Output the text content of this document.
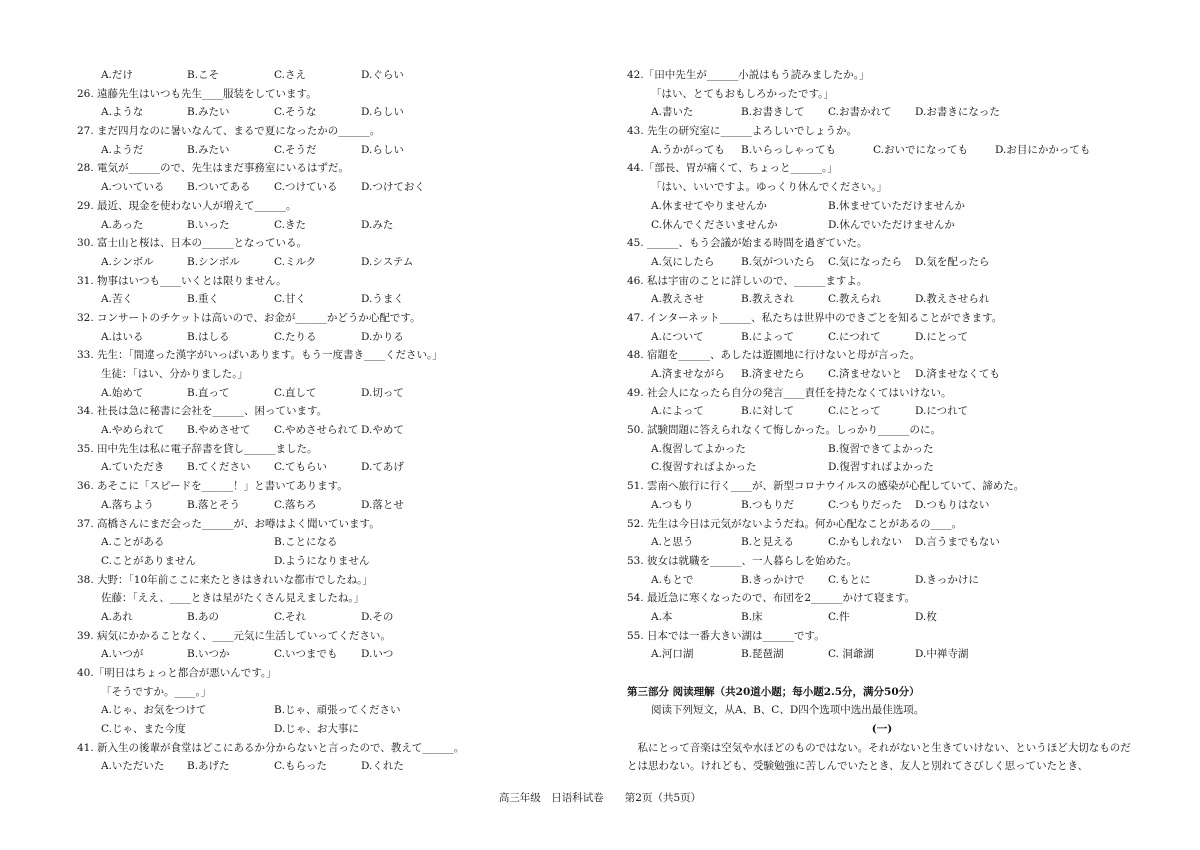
A.だけ	B.こそ	C.さえ	D.ぐらい
26. 遠藤先生はいつも先生____服装をしています。
A.ような	B.みたい	C.そうな	D.らしい
27. まだ四月なのに暑いなんて、まるで夏になったかの______。
A.ようだ	B.みたい	C.そうだ	D.らしい
28. 電気が______ので、先生はまだ事務室にいるはずだ。
A.ついている B.ついてある C.つけている D.つけておく
29. 最近、現金を使わない人が増えて______。
A.あった	B.いった	C.きた	D.みた
30. 富士山と桜は、日本の______となっている。
A.シンボル	B.シンボル	C.ミルク	D.システム
31. 物事はいつも____いくとは限りません。
A.苦く	B.重く	C.甘く	D.うまく
32. コンサートのチケットは高いので、お金が______かどうか心配です。
A.はいる	B.はしる	C.たりる	D.かりる
33. 先生：「間違った漢字がいっぱいあります。もう一度書き____ください。」
生徒：「はい、分かりました。」
A.始めて	B.直って	C.直して	D.切って
34. 社長は急に秘書に会社を______、困っています。
A.やめられて B.やめさせて C.やめさせられて D.やめて
35. 田中先生は私に電子辞書を貸し______ました。
A.ていただき B.てください C.てもらい	D.てあげ
36. あそこに「スピードを______！」と書いてあります。
A.落ちよう	B.落とそう	C.落ちろ	D.落とせ
37. 高橋さんにまだ会った______が、お噂はよく聞いています。
A.ことがある	B.ことになる
C.ことがありません	D.ようになりません
38. 大野：「10年前ここに来たときはきれいな都市でしたね。」
佐藤：「ええ、____ときは星がたくさん見えましたね。」
A.あれ	B.あの	C.それ	D.その
39. 病気にかかることなく、____元気に生活していってください。
A.いつが	B.いつか	C.いつまでも D.いつ
40.「明日はちょっと都合が悪いんです。」
「そうですか。____。」
A.じゃ、お気をつけて	B.じゃ、頑張ってください
C.じゃ、また今度	D.じゃ、お大事に
41. 新入生の後輩が食堂はどこにあるか分からないと言ったので、教えて______。
A.いただいた B.あげた	C.もらった	D.くれた
42.「田中先生が______小説はもう読みましたか。」
「はい、とてもおもしろかったです。」
A.書いた	B.お書きして C.お書かれて D.お書きになった
43. 先生の研究室に______よろしいでしょうか。
A.うかがっても B.いらっしゃっても	C.おいでになっても	D.お目にかかっても
44.「部長、胃が痛くて、ちょっと______。」
「はい、いいですよ。ゆっくり休んでください。」
A.休ませてやりませんか	B.休ませていただけませんか
C.休んでくださいませんか	D.休んでいただけませんか
45. ______、もう会議が始まる時間を過ぎていた。
A.気にしたら	B.気がついたら C.気になったら D.気を配ったら
46. 私は宇宙のことに詳しいので、______ますよ。
A.教えさせ	B.教えされ	C.教えられ	D.教えさせられ
47. インターネット______、私たちは世界中のできごとを知ることができます。
A.について	B.によって	C.につれて	D.にとって
48. 宿題を______、あしたは遊園地に行けないと母が言った。
A.済ませながら B.済ませたら C.済ませないと D.済ませなくても
49. 社会人になったら自分の発言____責任を持たなくてはいけない。
A.によって	B.に対して	C.にとって	D.につれて
50. 試験問題に答えられなくて悔しかった。しっかり______のに。
A.復習してよかった	B.復習できてよかった
C.復習すればよかった	D.復習すればよかった
51. 雲南へ旅行に行く____が、新型コロナウイルスの感染が心配していて、諦めた。
A.つもり	B.つもりだ	C.つもりだった D.つもりはない
52. 先生は今日は元気がないようだね。何か心配なことがあるの____。
A.と思う	B.と見える	C.かもしれない D.言うまでもない
53. 彼女は就職を______、一人暮らしを始めた。
A.もとで	B.きっかけで C.もとに	D.きっかけに
54. 最近急に寒くなったので、布団を2______かけて寝ます。
A.本	B.床	C.件	D.枚
55. 日本では一番大きい湖は______です。
A.河口湖	B.琵琶湖	C. 洞爺湖	D.中禅寺湖
第三部分 阅读理解（共20道小题；每小题2.5分，满分50分）
阅读下列短文，从A、B、C、D四个选项中选出最佳选项。
(一)
　私にとって音楽は空気や水ほどのものではない。それがないと生きていけない、というほど大切なものだとは思わない。けれども、受験勉強に苦しんでいたとき、友人と別れてさびしく思っていたとき、
高三年级　日语科试卷　　第2页（共5页）
